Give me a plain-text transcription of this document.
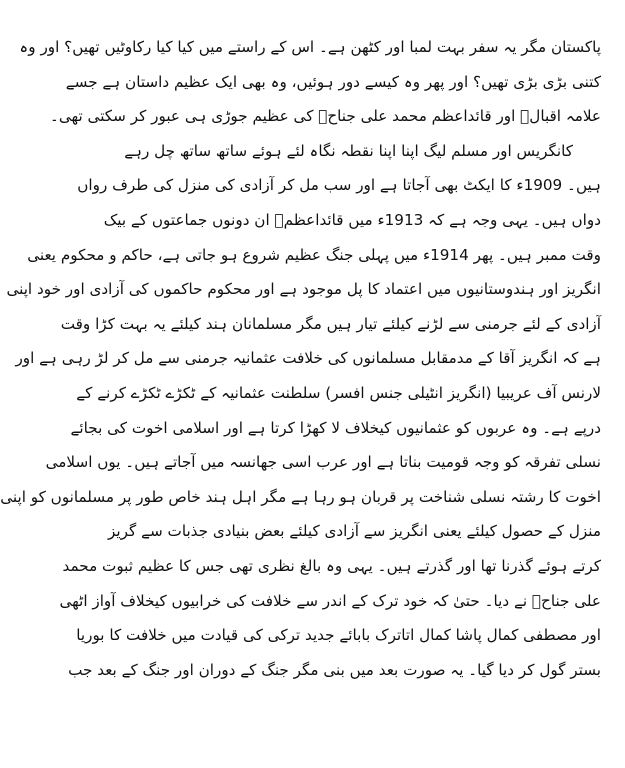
پاکستان مگر یہ سفر بہت لمبا اور کٹھن ہے۔ اس کے راستے میں کیا کیا رکاوٹیں تھیں؟ اور وہ
کتنی بڑی بڑی تھیں؟ اور پھر وہ کیسے دور ہوئیں، وہ بھی ایک عظیم داستان ہے جسے
علامہ اقبالؒ اور قائداعظم محمد علی جناحؒ کی عظیم جوڑی ہی عبور کر سکتی تھی۔
کانگریس اور مسلم لیگ اپنا اپنا نقطہ نگاہ لئے ہوئے ساتھ ساتھ چل رہے
ہیں۔ 1909ء کا ایکٹ بھی آجاتا ہے اور سب مل کر آزادی کی منزل کی طرف رواں
دواں ہیں۔ یہی وجہ ہے کہ 1913ء میں قائداعظمؒ ان دونوں جماعتوں کے بیک
وقت ممبر ہیں۔ پھر 1914ء میں پہلی جنگ عظیم شروع ہو جاتی ہے، حاکم و محکوم یعنی
انگریز اور ہندوستانیوں میں اعتماد کا پل موجود ہے اور محکوم حاکموں کی آزادی اور خود اپنی
آزادی کے لئے جرمنی سے لڑنے کیلئے تیار ہیں مگر مسلمانان ہند کیلئے یہ بہت کڑا وقت
ہے کہ انگریز آقا کے مدمقابل مسلمانوں کی خلافت عثمانیہ جرمنی سے مل کر لڑ رہی ہے اور
لارنس آف عریبیا (انگریز انٹیلی جنس افسر) سلطنت عثمانیہ کے ٹکڑے ٹکڑے کرنے کے
درپے ہے۔ وہ عربوں کو عثمانیوں کیخلاف لا کھڑا کرتا ہے اور اسلامی اخوت کی بجائے
نسلی تفرقہ کو وجہ قومیت بناتا ہے اور عرب اسی جھانسہ میں آجاتے ہیں۔ یوں اسلامی
اخوت کا رشتہ نسلی شناخت پر قربان ہو رہا ہے مگر اہل ہند خاص طور پر مسلمانوں کو اپنی
منزل کے حصول کیلئے یعنی انگریز سے آزادی کیلئے بعض بنیادی جذبات سے گریز
کرتے ہوئے گذرنا تھا اور گذرتے ہیں۔ یہی وہ بالغ نظری تھی جس کا عظیم ثبوت محمد
علی جناحؒ نے دیا۔ حتیٰ کہ خود ترک کے اندر سے خلافت کی خرابیوں کیخلاف آواز اٹھی
اور مصطفی کمال پاشا کمال اتاترک بابائے جدید ترکی کی قیادت میں خلافت کا بوریا
بستر گول کر دیا گیا۔ یہ صورت بعد میں بنی مگر جنگ کے دوران اور جنگ کے بعد جب
